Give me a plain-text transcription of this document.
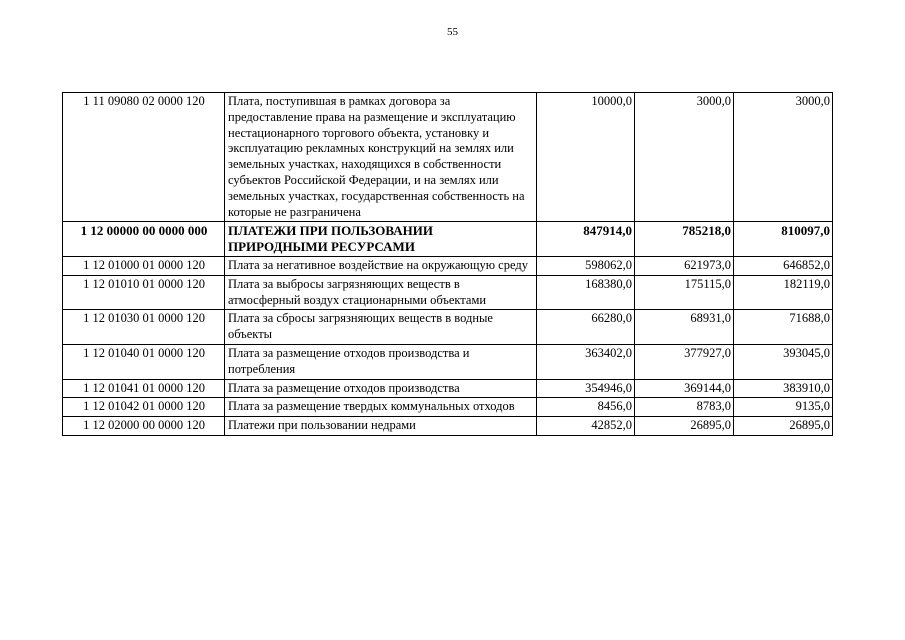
55
1 11 09080 02 0000 120	Плата, поступившая в рамках договора за предоставление права на размещение и эксплуатацию нестационарного торгового объекта, установку и эксплуатацию рекламных конструкций на землях или земельных участках, находящихся в собственности субъектов Российской Федерации, и на землях или земельных участках, государственная собственность на которые не разграничена	10000,0	3000,0	3000,0
1 12 00000 00 0000 000	ПЛАТЕЖИ ПРИ ПОЛЬЗОВАНИИ ПРИРОДНЫМИ РЕСУРСАМИ	847914,0	785218,0	810097,0
1 12 01000 01 0000 120	Плата за негативное воздействие на окружающую среду	598062,0	621973,0	646852,0
1 12 01010 01 0000 120	Плата за выбросы загрязняющих веществ в атмосферный воздух стационарными объектами	168380,0	175115,0	182119,0
1 12 01030 01 0000 120	Плата за сбросы загрязняющих веществ в водные объекты	66280,0	68931,0	71688,0
1 12 01040 01 0000 120	Плата за размещение отходов производства и потребления	363402,0	377927,0	393045,0
1 12 01041 01 0000 120	Плата за размещение отходов производства	354946,0	369144,0	383910,0
1 12 01042 01 0000 120	Плата за размещение твердых коммунальных отходов	8456,0	8783,0	9135,0
1 12 02000 00 0000 120	Платежи при пользовании недрами	42852,0	26895,0	26895,0
